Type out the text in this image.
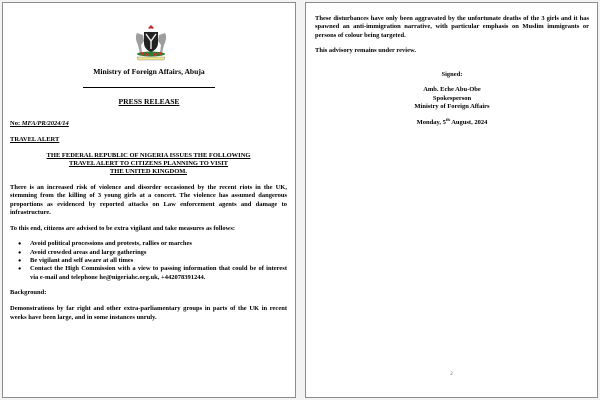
Ministry of Foreign Affairs, Abuja
PRESS RELEASE
No: MFA/PR/2024/14
TRAVEL ALERT
THE FEDERAL REPUBLIC OF NIGERIA ISSUES THE FOLLOWING
TRAVEL ALERT TO CITIZENS PLANNING TO VISIT
THE UNITED KINGDOM.
There is an increased risk of violence and disorder occasioned by the recent riots in the UK, stemming from the killing of 3 young girls at a concert. The violence has assumed dangerous proportions as evidenced by reported attacks on Law enforcement agents and damage to infrastructure.
To this end, citizens are advised to be extra vigilant and take measures as follows:
● Avoid political processions and protests, rallies or marches
● Avoid crowded areas and large gatherings
● Be vigilant and self aware at all times
● Contact the High Commission with a view to passing information that could be of interest via e-mail and telephone he@nigeriahc.org.uk, +442078391244.
Background:
Demonstrations by far right and other extra-parliamentary groups in parts of the UK in recent weeks have been large, and in some instances unruly.
These disturbances have only been aggravated by the unfortunate deaths of the 3 girls and it has spawned an anti-immigration narrative, with particular emphasis on Muslim immigrants or persons of colour being targeted.
This advisory remains under review.
Signed:
Amb. Eche Abu-Obe
Spokesperson
Ministry of Foreign Affairs
Monday, 5th August, 2024
2
